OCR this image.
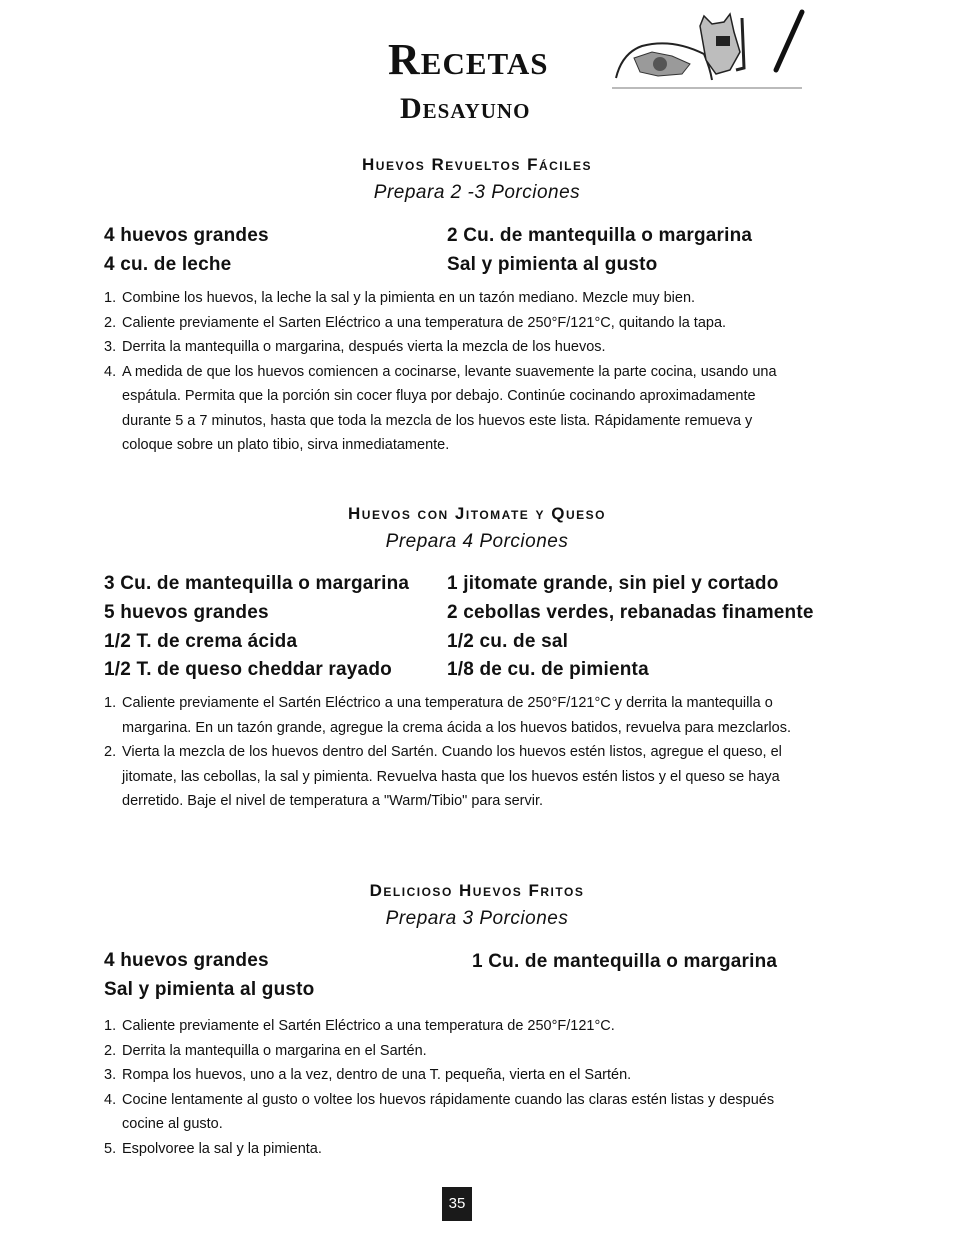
Recetas
Desayuno
Huevos Revueltos Fáciles
Prepara 2 -3 Porciones
4 huevos grandes
4 cu. de leche
2 Cu. de mantequilla o margarina
Sal y pimienta al gusto
1. Combine los huevos, la leche la sal y la pimienta en un tazón mediano. Mezcle muy bien.
2. Caliente previamente el Sarten Eléctrico a una temperatura de 250°F/121°C, quitando la tapa.
3. Derrita la mantequilla o margarina, después vierta la mezcla de los huevos.
4. A medida de que los huevos comiencen a cocinarse, levante suavemente la parte cocina, usando una espátula. Permita que la porción sin cocer fluya por debajo. Continúe cocinando aproximadamente durante 5 a 7 minutos, hasta que toda la mezcla de los huevos este lista. Rápidamente remueva y coloque sobre un plato tibio, sirva inmediatamente.
Huevos con Jitomate y Queso
Prepara 4 Porciones
3 Cu. de mantequilla o margarina
5 huevos grandes
1/2 T. de crema ácida
1/2 T. de queso cheddar rayado
1 jitomate grande, sin piel y cortado
2 cebollas verdes, rebanadas finamente
1/2 cu. de sal
1/8 de cu. de pimienta
1. Caliente previamente el Sartén Eléctrico a una temperatura de 250°F/121°C y derrita la mantequilla o margarina. En un tazón grande, agregue la crema ácida a los huevos batidos, revuelva para mezclarlos.
2. Vierta la mezcla de los huevos dentro del Sartén. Cuando los huevos estén listos, agregue el queso, el jitomate, las cebollas, la sal y pimienta. Revuelva hasta que los huevos estén listos y el queso se haya derretido. Baje el nivel de temperatura a "Warm/Tibio" para servir.
Delicioso Huevos Fritos
Prepara 3 Porciones
4 huevos grandes
Sal y pimienta al gusto
1 Cu. de mantequilla o margarina
1. Caliente previamente el Sartén Eléctrico a una temperatura de 250°F/121°C.
2. Derrita la mantequilla o margarina en el Sartén.
3. Rompa los huevos, uno a la vez, dentro de una T. pequeña, vierta en el Sartén.
4. Cocine lentamente al gusto o voltee los huevos rápidamente cuando las claras estén listas y después cocine al gusto.
5. Espolvoree la sal y la pimienta.
35
